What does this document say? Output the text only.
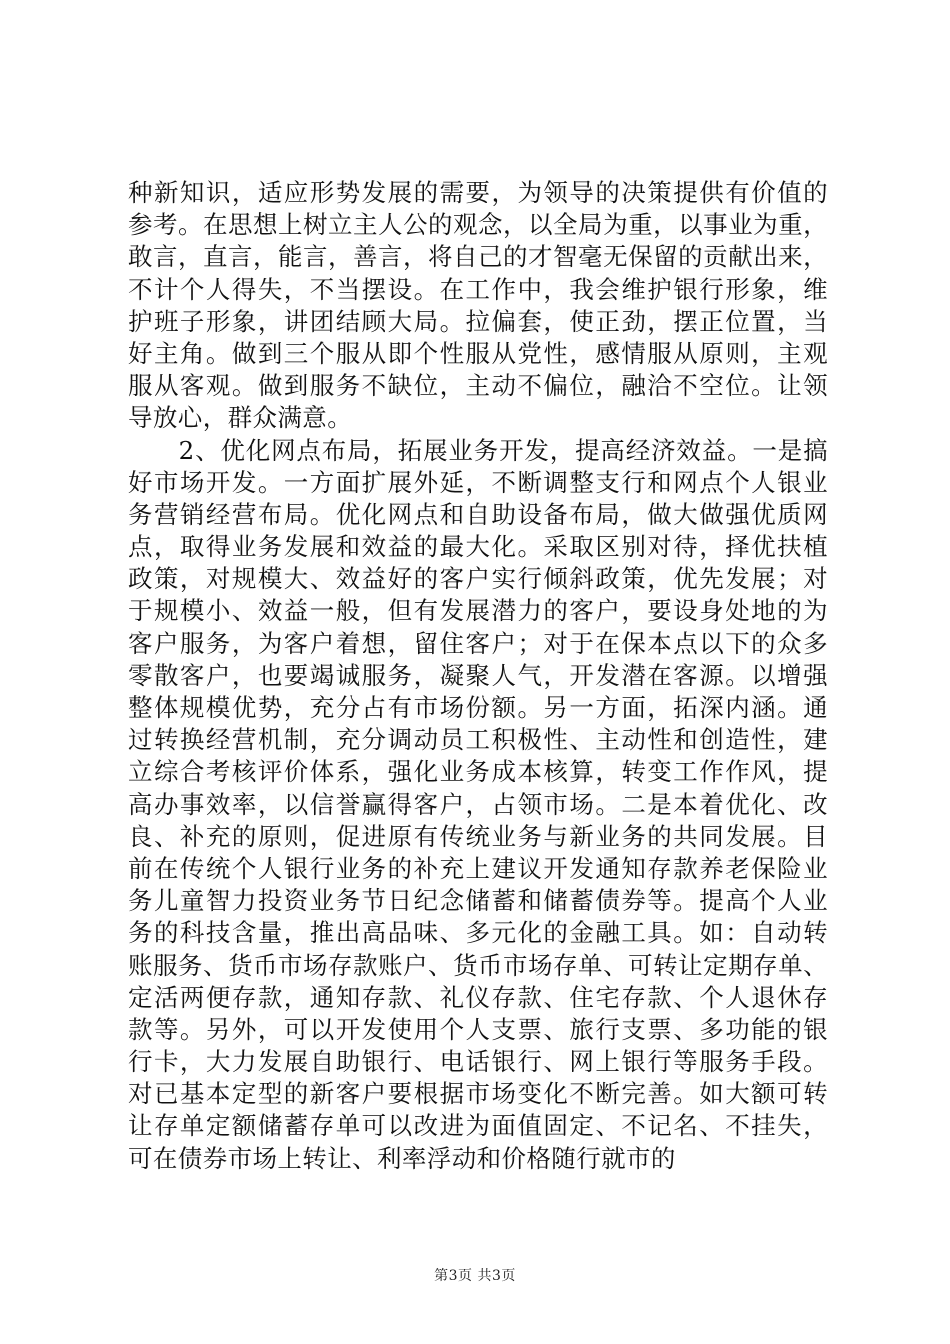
种新知识，适应形势发展的需要，为领导的决策提供有价值的
参考。在思想上树立主人公的观念，以全局为重，以事业为重，
敢言，直言，能言，善言，将自己的才智毫无保留的贡献出来，
不计个人得失，不当摆设。在工作中，我会维护银行形象，维
护班子形象，讲团结顾大局。拉偏套，使正劲，摆正位置，当
好主角。做到三个服从即个性服从党性，感情服从原则，主观
服从客观。做到服务不缺位，主动不偏位，融洽不空位。让领
导放心，群众满意。
　　2、优化网点布局，拓展业务开发，提高经济效益。一是搞
好市场开发。一方面扩展外延，不断调整支行和网点个人银业
务营销经营布局。优化网点和自助设备布局，做大做强优质网
点，取得业务发展和效益的最大化。采取区别对待，择优扶植
政策，对规模大、效益好的客户实行倾斜政策，优先发展；对
于规模小、效益一般，但有发展潜力的客户，要设身处地的为
客户服务，为客户着想，留住客户；对于在保本点以下的众多
零散客户，也要竭诚服务，凝聚人气，开发潜在客源。以增强
整体规模优势，充分占有市场份额。另一方面，拓深内涵。通
过转换经营机制，充分调动员工积极性、主动性和创造性，建
立综合考核评价体系，强化业务成本核算，转变工作作风，提
高办事效率，以信誉赢得客户，占领市场。二是本着优化、改
良、补充的原则，促进原有传统业务与新业务的共同发展。目
前在传统个人银行业务的补充上建议开发通知存款养老保险业
务儿童智力投资业务节日纪念储蓄和储蓄债券等。提高个人业
务的科技含量，推出高品味、多元化的金融工具。如：自动转
账服务、货币市场存款账户、货币市场存单、可转让定期存单、
定活两便存款，通知存款、礼仪存款、住宅存款、个人退休存
款等。另外，可以开发使用个人支票、旅行支票、多功能的银
行卡，大力发展自助银行、电话银行、网上银行等服务手段。
对已基本定型的新客户要根据市场变化不断完善。如大额可转
让存单定额储蓄存单可以改进为面值固定、不记名、不挂失，
可在债券市场上转让、利率浮动和价格随行就市的
第3页 共3页
